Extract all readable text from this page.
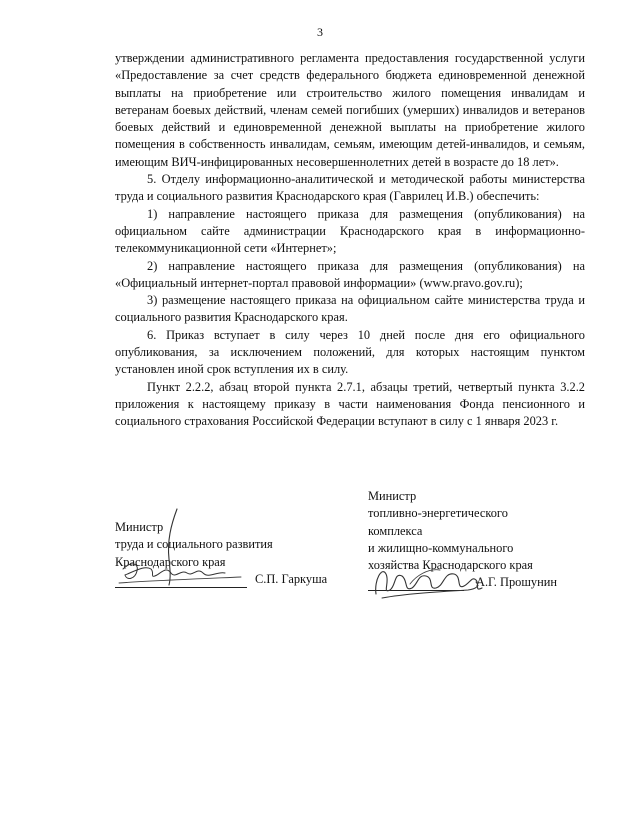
3

утверждении административного регламента предоставления государственной услуги «Предоставление за счет средств федерального бюджета единовременной денежной выплаты на приобретение или строительство жилого помещения инвалидам и ветеранам боевых действий, членам семей погибших (умерших) инвалидов и ветеранов боевых действий и единовременной денежной выплаты на приобретение жилого помещения в собственность инвалидам, семьям, имеющим детей-инвалидов, и семьям, имеющим ВИЧ-инфицированных несовершеннолетних детей в возрасте до 18 лет».

5. Отделу информационно-аналитической и методической работы министерства труда и социального развития Краснодарского края (Гаврилец И.В.) обеспечить:

1) направление настоящего приказа для размещения (опубликования) на официальном сайте администрации Краснодарского края в информационно-телекоммуникационной сети «Интернет»;

2) направление настоящего приказа для размещения (опубликования) на «Официальный интернет-портал правовой информации» (www.pravo.gov.ru);

3) размещение настоящего приказа на официальном сайте министерства труда и социального развития Краснодарского края.

6. Приказ вступает в силу через 10 дней после дня его официального опубликования, за исключением положений, для которых настоящим пунктом установлен иной срок вступления их в силу.

Пункт 2.2.2, абзац второй пункта 2.7.1, абзацы третий, четвертый пункта 3.2.2 приложения к настоящему приказу в части наименования Фонда пенсионного и социального страхования Российской Федерации вступают в силу с 1 января 2023 г.

Министр
труда и социального развития
Краснодарского края
С.П. Гаркуша
Министр
топливно-энергетического
комплекса
и жилищно-коммунального
хозяйства Краснодарского края
А.Г. Прошунин
